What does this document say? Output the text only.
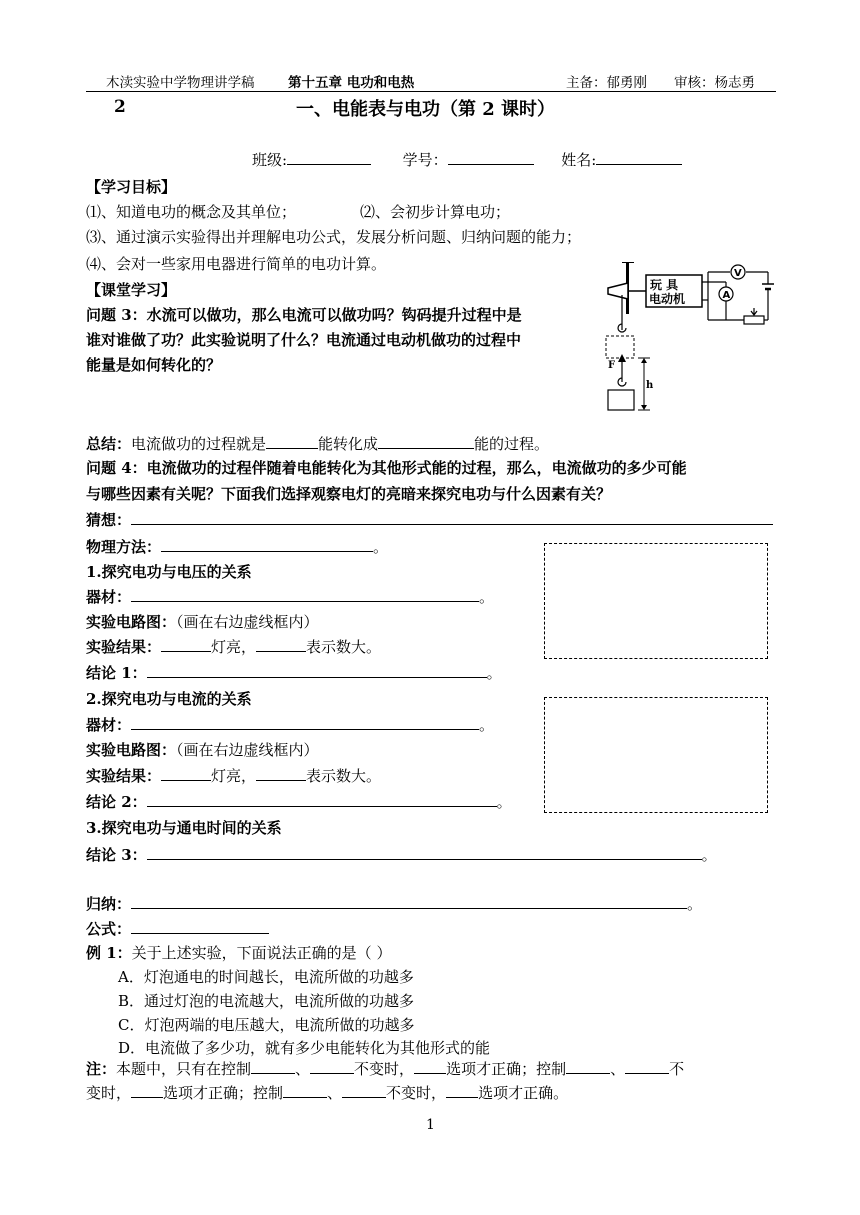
木渎实验中学物理讲学稿 第十五章 电功和电热	主备：郁勇刚 审核：杨志勇
2	一、电能表与电功（第 2 课时）
班级:	学号：	姓名:
【学习目标】
⑴、知道电功的概念及其单位；	⑵、会初步计算电功；
⑶、通过演示实验得出并理解电功公式，发展分析问题、归纳问题的能力；
⑷、会对一些家用电器进行简单的电功计算。
【课堂学习】
问题 3：水流可以做功，那么电流可以做功吗？钩码提升过程中是
谁对谁做了功？此实验说明了什么？电流通过电动机做功的过程中
能量是如何转化的？
玩 具
电动机
V
A
F
h
总结：电流做功的过程就是	能转化成	能的过程。
问题 4：电流做功的过程伴随着电能转化为其他形式能的过程，那么，电流做功的多少可能
与哪些因素有关呢？下面我们选择观察电灯的亮暗来探究电功与什么因素有关？
猜想：
物理方法：	。
1.探究电功与电压的关系
器材：	。
实验电路图：（画在右边虚线框内）
实验结果：	灯亮，	表示数大。
结论 1：	。
2.探究电功与电流的关系
器材：	。
实验电路图：（画在右边虚线框内）
实验结果：	灯亮，	表示数大。
结论 2：	。
3.探究电功与通电时间的关系
结论 3：	。
归纳：	。
公式：
例 1：关于上述实验，下面说法正确的是（ ）
A．灯泡通电的时间越长，电流所做的功越多
B．通过灯泡的电流越大，电流所做的功越多
C．灯泡两端的电压越大，电流所做的功越多
D．电流做了多少功，就有多少电能转化为其他形式的能
注：本题中，只有在控制	、	不变时， 选项才正确；控制	、	不
变时， 选项才正确；控制	、	不变时， 选项才正确。
1
